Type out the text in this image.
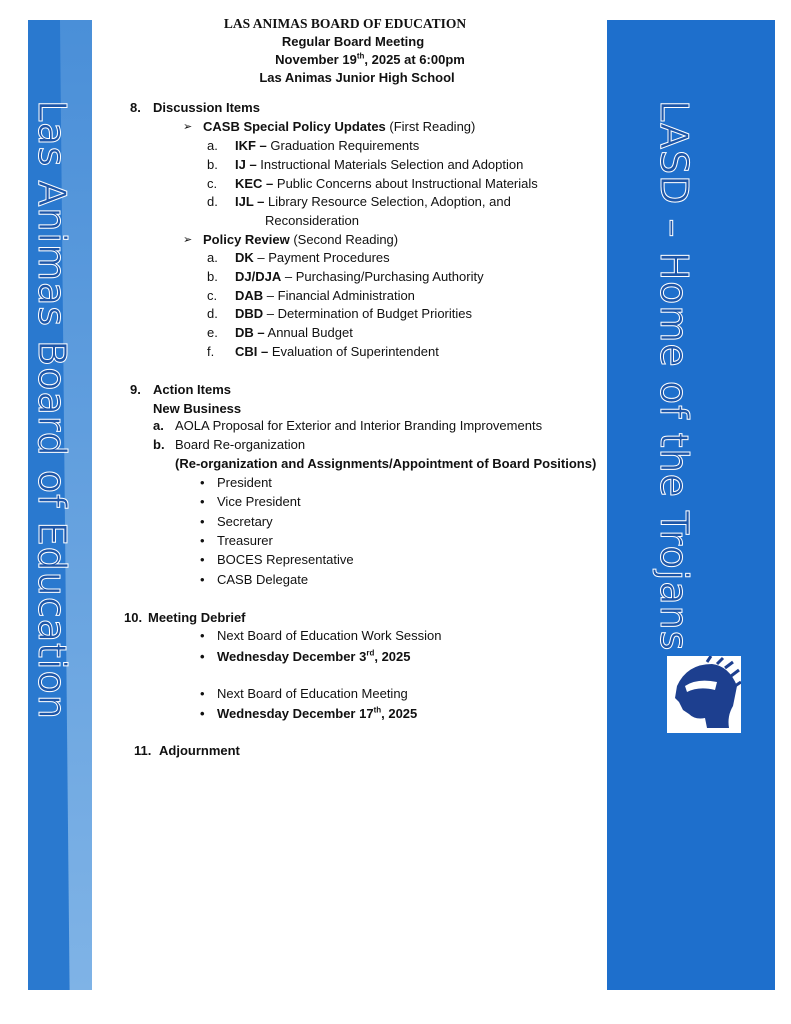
Las Animas Board of Education	LASD – Home of the Trojans
LAS ANIMAS BOARD OF EDUCATION
Regular Board Meeting
November 19th, 2025 at 6:00pm
Las Animas Junior High School
8. Discussion Items
➢ CASB Special Policy Updates (First Reading)
a. IKF – Graduation Requirements
b. IJ – Instructional Materials Selection and Adoption
c. KEC – Public Concerns about Instructional Materials
d. IJL – Library Resource Selection, Adoption, and
Reconsideration
➢ Policy Review (Second Reading)
a. DK – Payment Procedures
b. DJ/DJA – Purchasing/Purchasing Authority
c. DAB – Financial Administration
d. DBD – Determination of Budget Priorities
e. DB – Annual Budget
f. CBI – Evaluation of Superintendent
9. Action Items
New Business
a. AOLA Proposal for Exterior and Interior Branding Improvements
b. Board Re-organization
(Re-organization and Assignments/Appointment of Board Positions)
• President
• Vice President
• Secretary
• Treasurer
• BOCES Representative
• CASB Delegate
10. Meeting Debrief
• Next Board of Education Work Session
• Wednesday December 3rd, 2025
• Next Board of Education Meeting
• Wednesday December 17th, 2025
11. Adjournment
